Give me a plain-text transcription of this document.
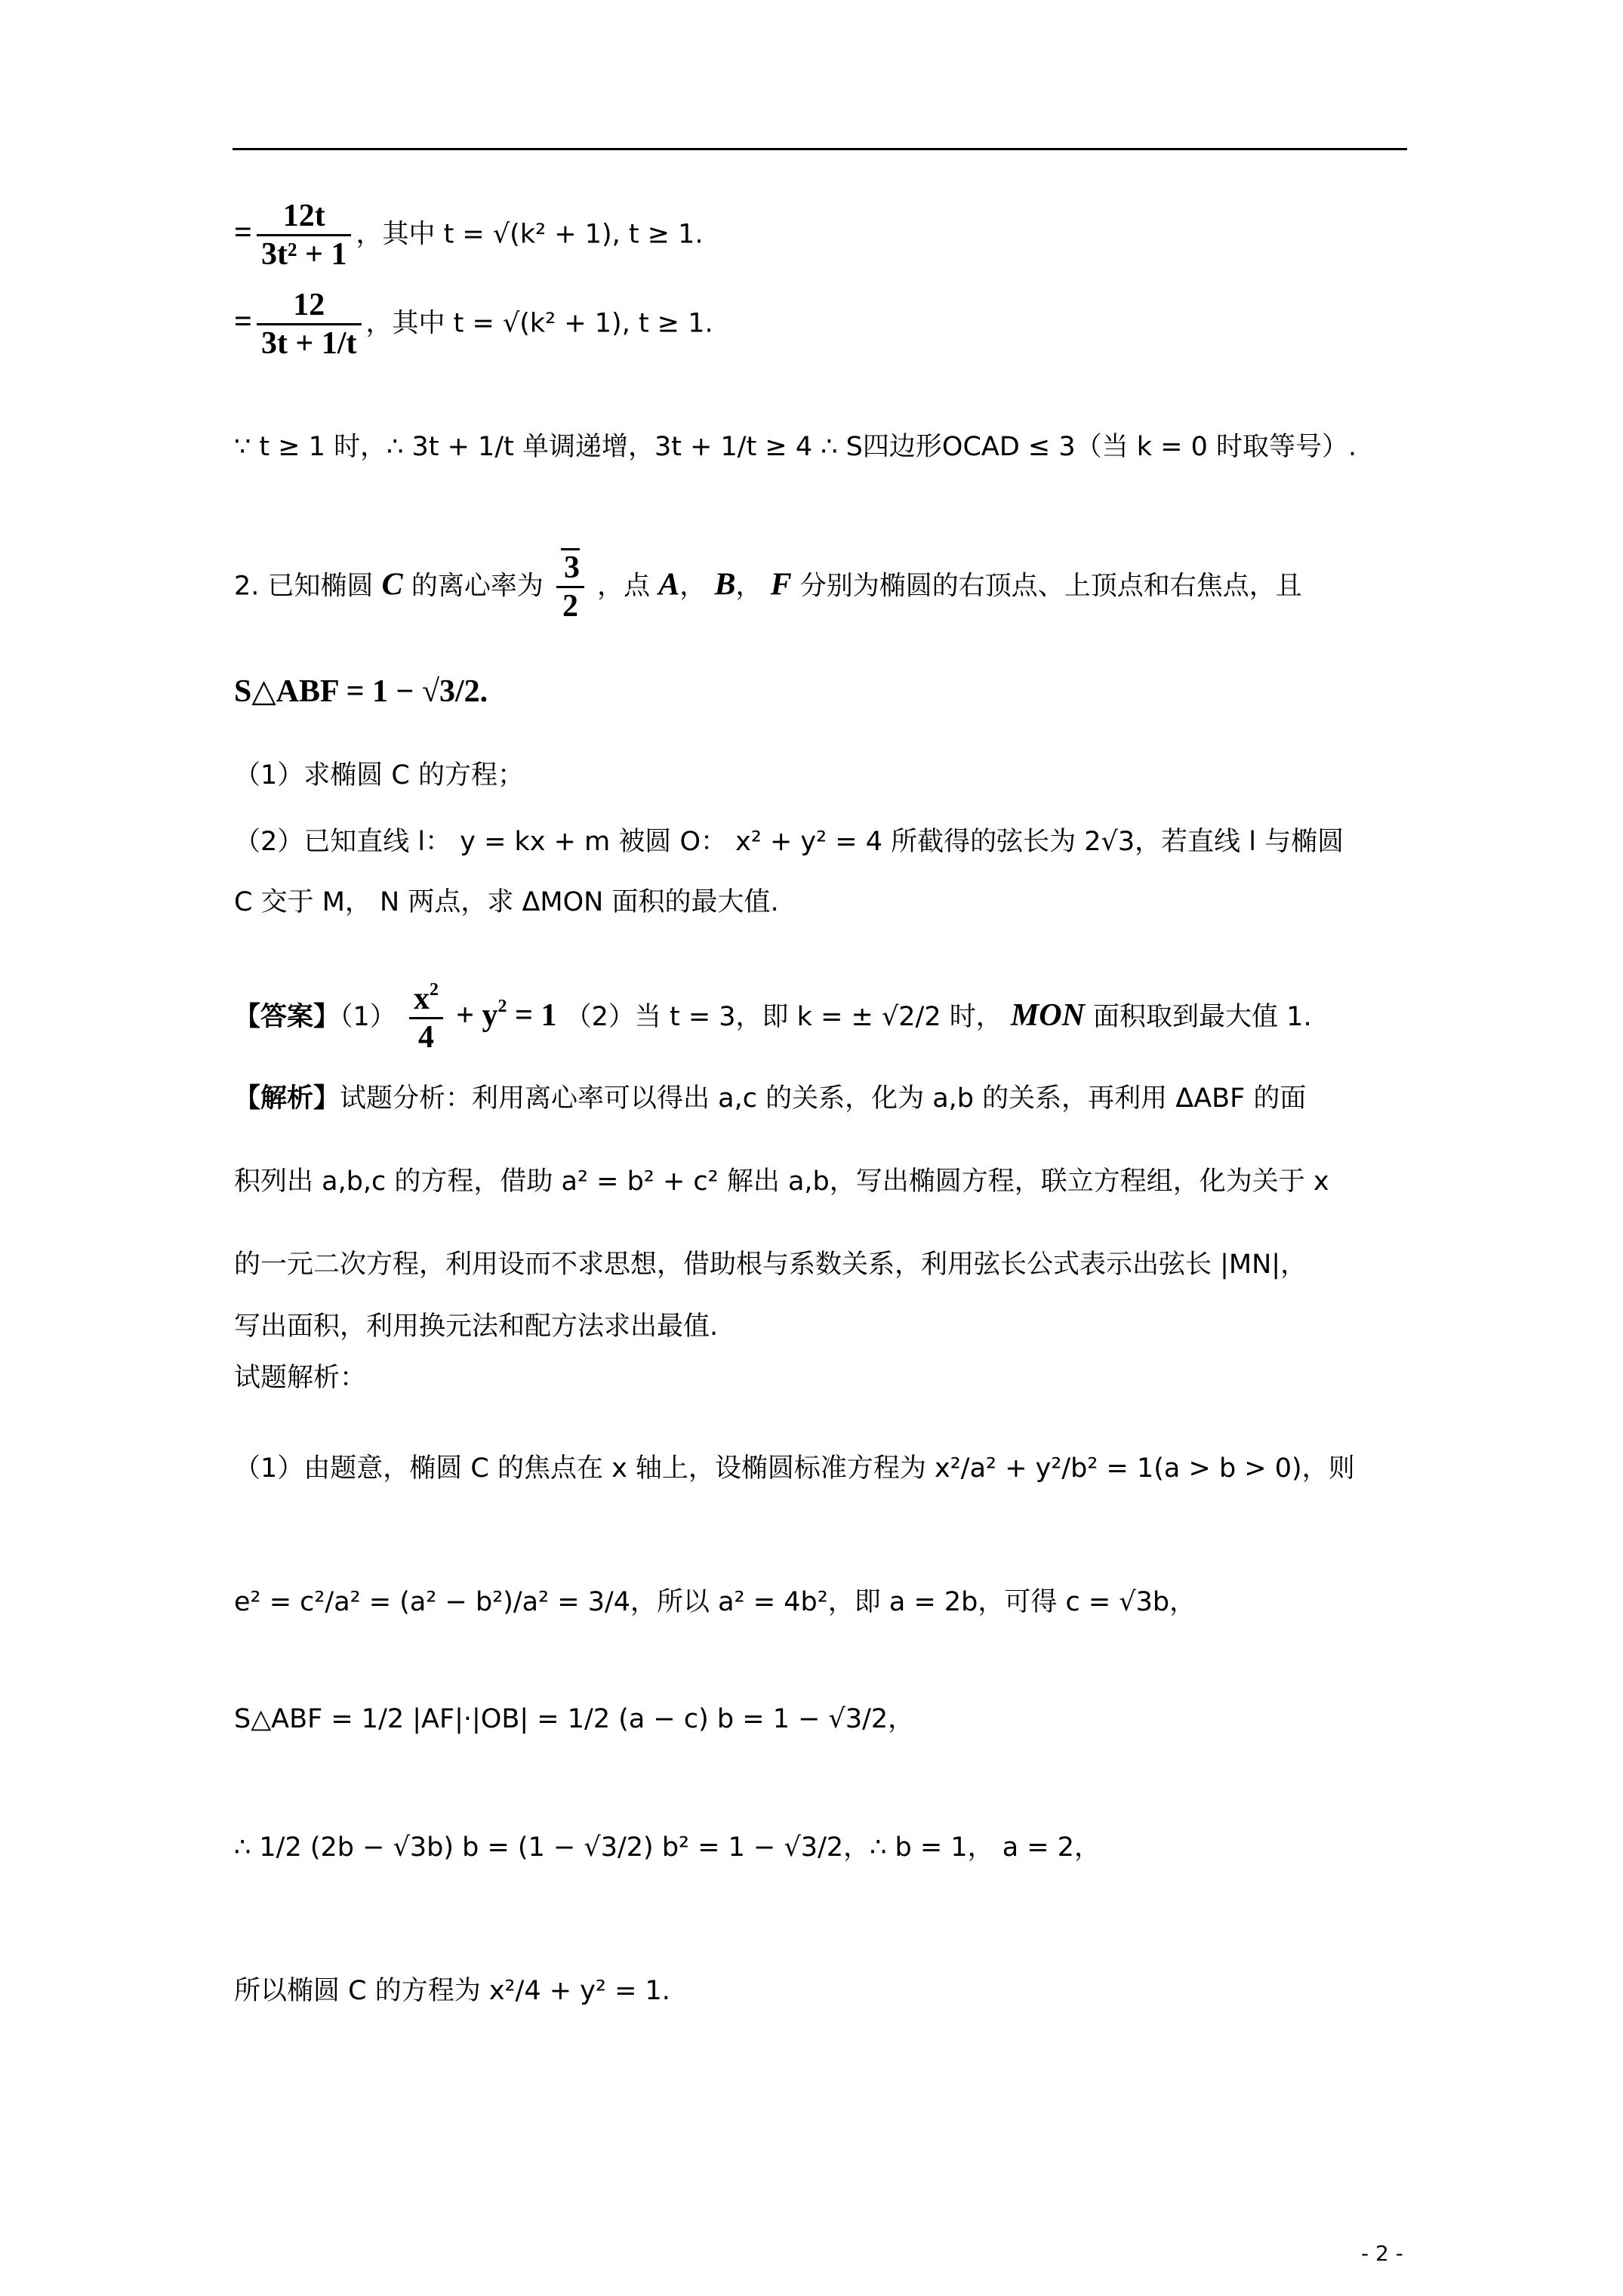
= $\frac{12t}{\text{3t² + 1}}$ ，其中 t = √(k² + 1), t ≥ 1.
= $\frac{12}{3t + 1/t}$ ，其中 t = √(k² + 1), t ≥ 1.
∵ t ≥ 1 时，∴ 3t + 1/t 单调递增，3t + 1/t ≥ 4 ∴ S四边形OCAD ≤ 3（当 k = 0 时取等号）.
2. 已知椭圆 C 的离心率为 $\frac{3}{2}$ ，点 A， B， F 分别为椭圆的右顶点、上顶点和右焦点，且
S△ABF = 1 − √3/2.
（1）求椭圆 C 的方程；
（2）已知直线 l： y = kx + m 被圆 O： x² + y² = 4 所截得的弦长为 2√3，若直线 l 与椭圆
C 交于 M， N 两点，求 ΔMON 面积的最大值.
【答案】$(1) \frac{x^2}{4} + y^2 = 1$ （2）当 t = 3，即 k = ± √2/2 时， MON 面积取到最大值 1.
【解析】试题分析：利用离心率可以得出 a,c 的关系，化为 a,b 的关系，再利用 ΔABF 的面
积列出 a,b,c 的方程，借助 a² = b² + c² 解出 a,b，写出椭圆方程，联立方程组，化为关于 x
的一元二次方程，利用设而不求思想，借助根与系数关系，利用弦长公式表示出弦长 |MN|，
写出面积，利用换元法和配方法求出最值.
试题解析：
（1）由题意，椭圆 C 的焦点在 x 轴上，设椭圆标准方程为 x²/a² + y²/b² = 1(a > b > 0)，则
e² = c²/a² = (a² − b²)/a² = 3/4，所以 a² = 4b²，即 a = 2b，可得 c = √3b，
S△ABF = 1/2 |AF|·|OB| = 1/2 (a − c) b = 1 − √3/2，
∴ 1/2 (2b − √3b) b = (1 − √3/2) b² = 1 − √3/2，∴ b = 1， a = 2，
所以椭圆 C 的方程为 x²/4 + y² = 1.
- 2 -
